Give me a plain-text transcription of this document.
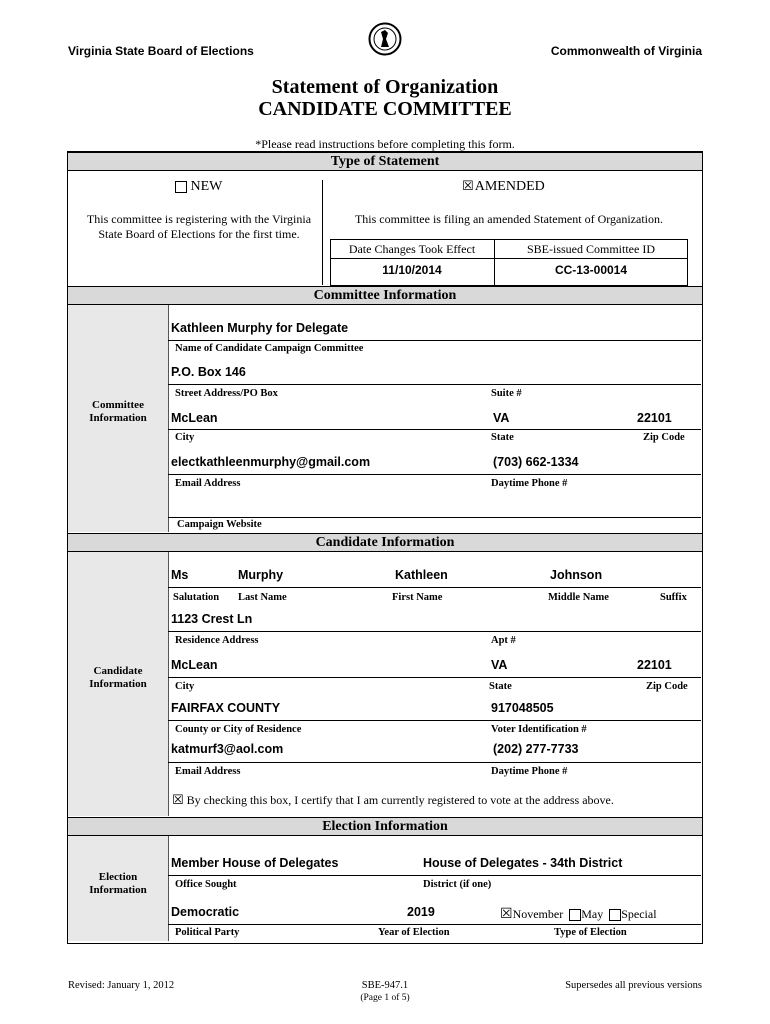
Virginia State Board of Elections	Commonwealth of Virginia
Statement of Organization
CANDIDATE COMMITTEE
*Please read instructions before completing this form.
Type of Statement
NEW	☒ AMENDED
This committee is registering with the Virginia State Board of Elections for the first time.
This committee is filing an amended Statement of Organization.
Date Changes Took Effect	SBE-issued Committee ID
11/10/2014	CC-13-00014
Committee Information
Committee Information
Kathleen Murphy for Delegate
Name of Candidate Campaign Committee
P.O. Box 146
Street Address/PO Box	Suite #
McLean	VA	22101
City	State	Zip Code
electkathleenmurphy@gmail.com	(703) 662-1334
Email Address	Daytime Phone #
Campaign Website
Candidate Information
Candidate Information
Ms	Murphy	Kathleen	Johnson
Salutation Last Name	First Name	Middle Name	Suffix
1123 Crest Ln
Residence Address	Apt #
McLean	VA	22101
City	State	Zip Code
FAIRFAX COUNTY	917048505
County or City of Residence	Voter Identification #
katmurf3@aol.com	(202) 277-7733
Email Address	Daytime Phone #
☒ By checking this box, I certify that I am currently registered to vote at the address above.
Election Information
Election Information
Member House of Delegates	House of Delegates - 34th District
Office Sought	District (if one)
Democratic	2019	☒November May Special
Political Party	Year of Election	Type of Election
Revised: January 1, 2012	SBE-947.1
(Page 1 of 5)
Supersedes all previous versions
